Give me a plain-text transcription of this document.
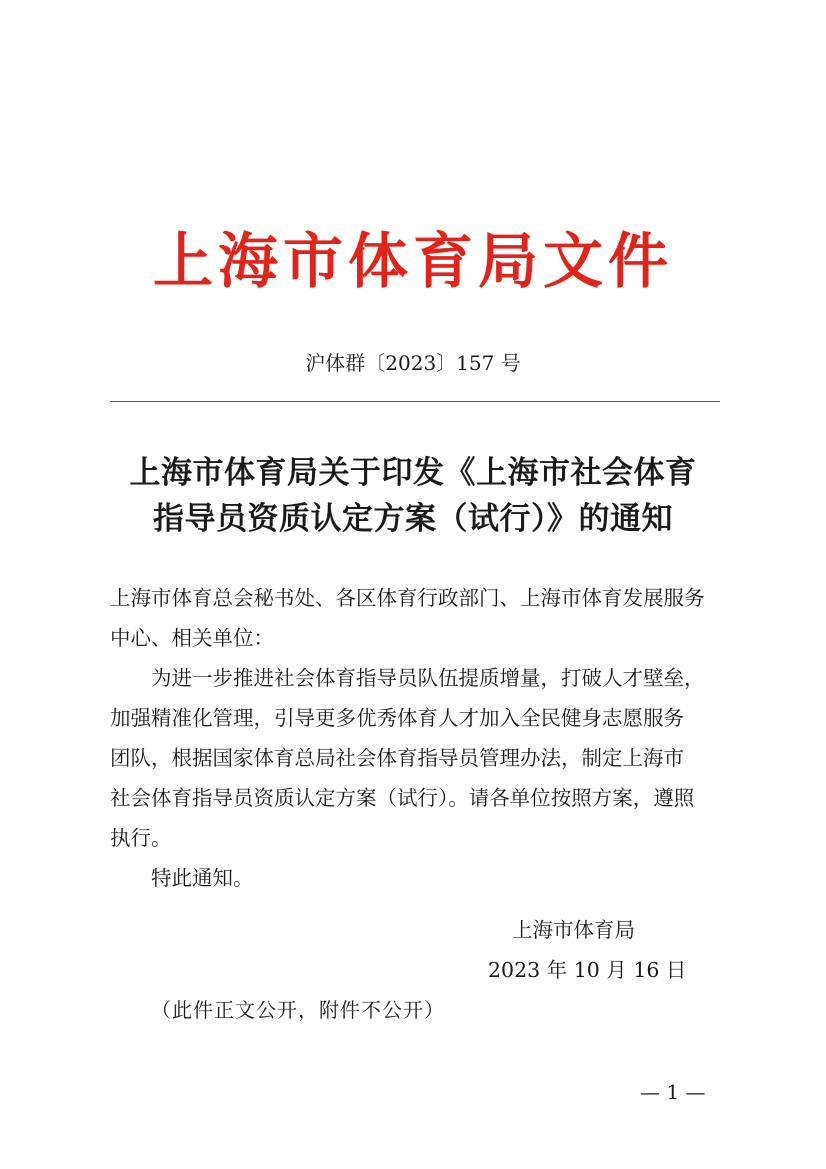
上海市体育局文件
沪体群〔2023〕157 号
上海市体育局关于印发《上海市社会体育
指导员资质认定方案（试行）》的通知
上海市体育总会秘书处、各区体育行政部门、上海市体育发展服务
中心、相关单位：
为进一步推进社会体育指导员队伍提质增量，打破人才壁垒，
加强精准化管理，引导更多优秀体育人才加入全民健身志愿服务
团队，根据国家体育总局社会体育指导员管理办法，制定上海市
社会体育指导员资质认定方案（试行）。请各单位按照方案，遵照
执行。
特此通知。
上海市体育局
2023 年 10 月 16 日
（此件正文公开，附件不公开）
— 1 —
